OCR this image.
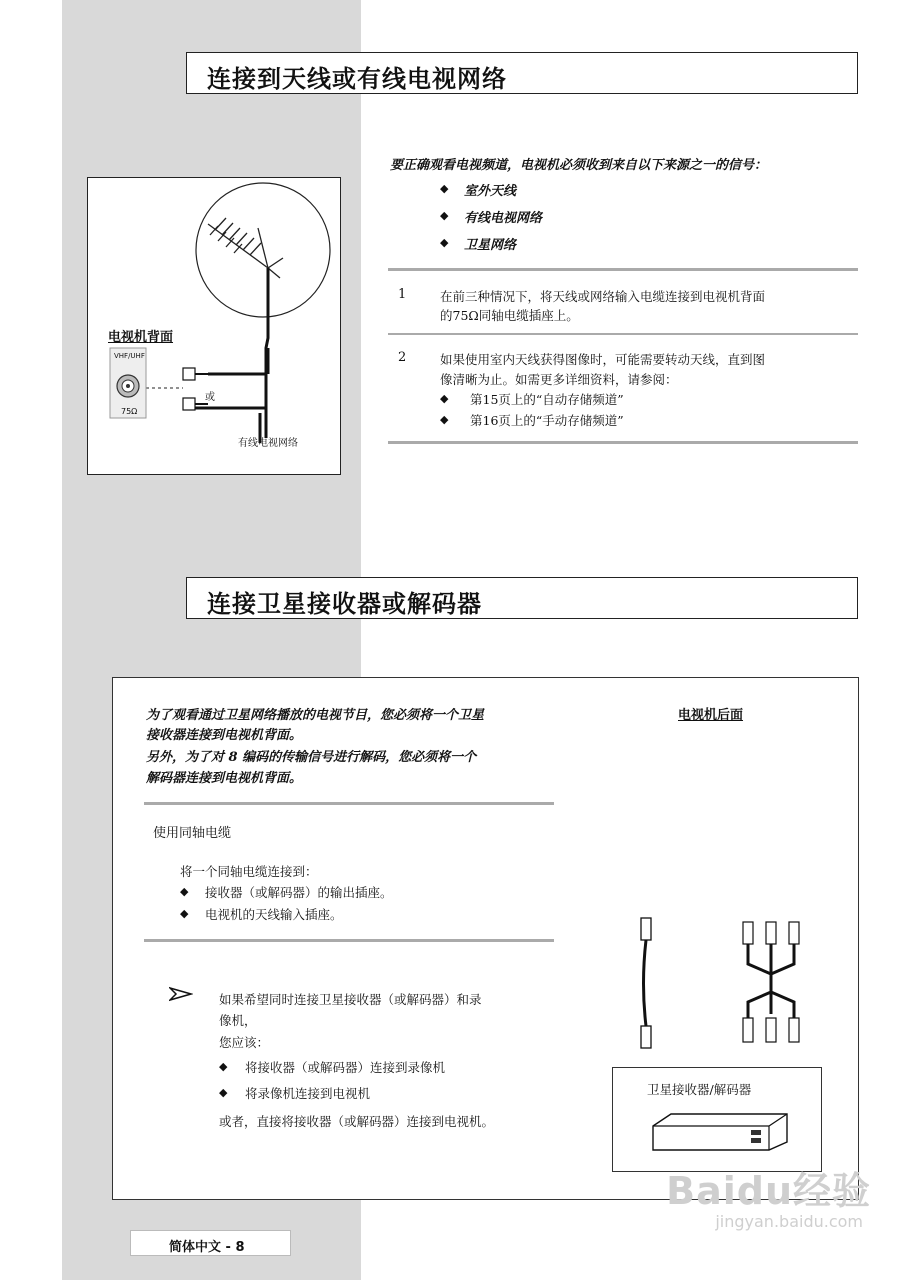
连接到天线或有线电视网络
电视机背面
VHF/UHF
75Ω
或
有线电视网络
要正确观看电视频道，电视机必须收到来自以下来源之一的信号：
◆ 室外天线
◆ 有线电视网络
◆ 卫星网络
1	在前三种情况下，将天线或网络输入电缆连接到电视机背面
的75Ω同轴电缆插座上。
2	如果使用室内天线获得图像时，可能需要转动天线，直到图
像清晰为止。如需更多详细资料，请参阅：
◆ 第15页上的“自动存储频道”
◆ 第16页上的“手动存储频道”
连接卫星接收器或解码器
为了观看通过卫星网络播放的电视节目，您必须将一个卫星
接收器连接到电视机背面。
另外，为了对 8 编码的传输信号进行解码，您必须将一个
解码器连接到电视机背面。
使用同轴电缆
将一个同轴电缆连接到：
◆ 接收器（或解码器）的输出插座。
◆ 电视机的天线输入插座。
如果希望同时连接卫星接收器（或解码器）和录
像机，
您应该：
◆ 将接收器（或解码器）连接到录像机
◆ 将录像机连接到电视机
或者，直接将接收器（或解码器）连接到电视机。
电视机后面
卫星接收器/解码器
简体中文 - 8
Baidu经验
jingyan.baidu.com
